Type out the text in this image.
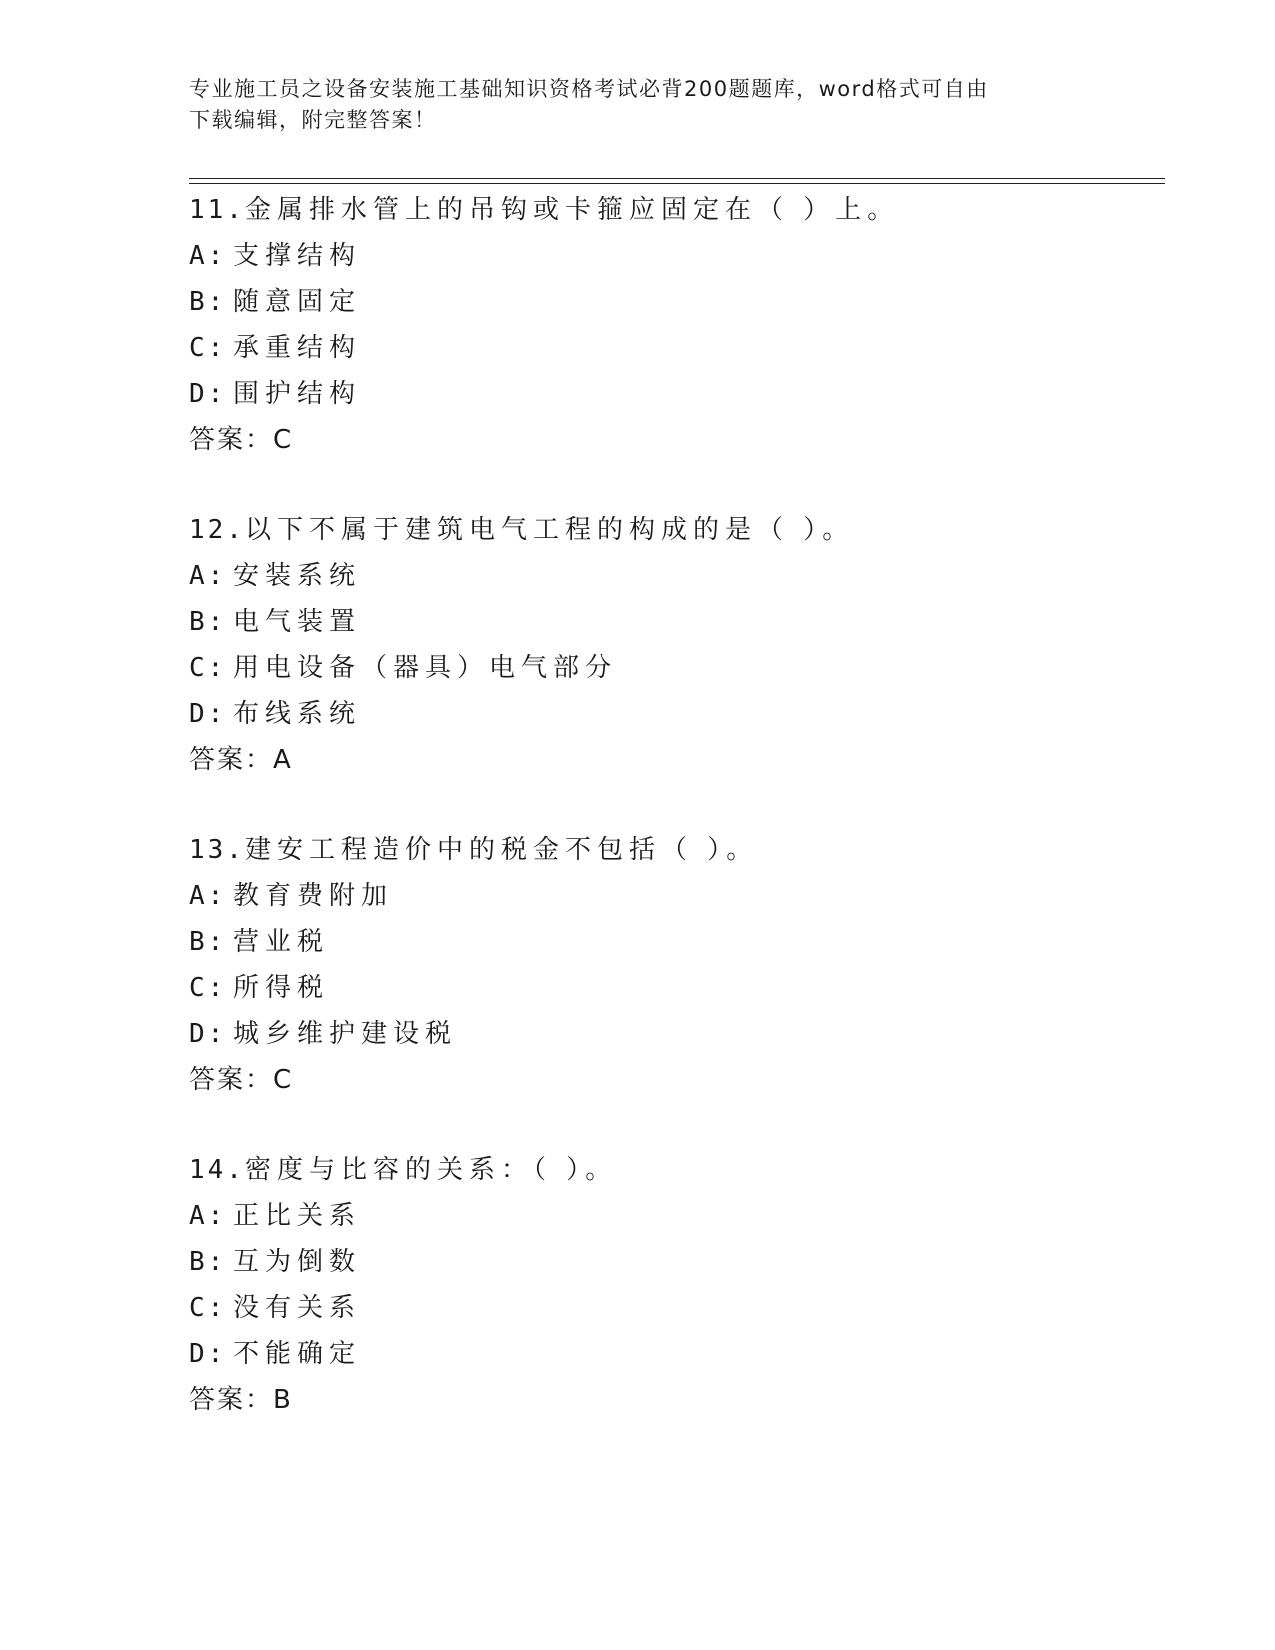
专业施工员之设备安装施工基础知识资格考试必背200题题库，word格式可自由
下载编辑，附完整答案！
11.金属排水管上的吊钩或卡箍应固定在（ ）上。
A: 支撑结构
B: 随意固定
C: 承重结构
D: 围护结构
答案：C
12.以下不属于建筑电气工程的构成的是（ ）。
A: 安装系统
B: 电气装置
C: 用电设备（器具）电气部分
D: 布线系统
答案：A
13.建安工程造价中的税金不包括（ ）。
A: 教育费附加
B: 营业税
C: 所得税
D: 城乡维护建设税
答案：C
14.密度与比容的关系：（ ）。
A: 正比关系
B: 互为倒数
C: 没有关系
D: 不能确定
答案：B
